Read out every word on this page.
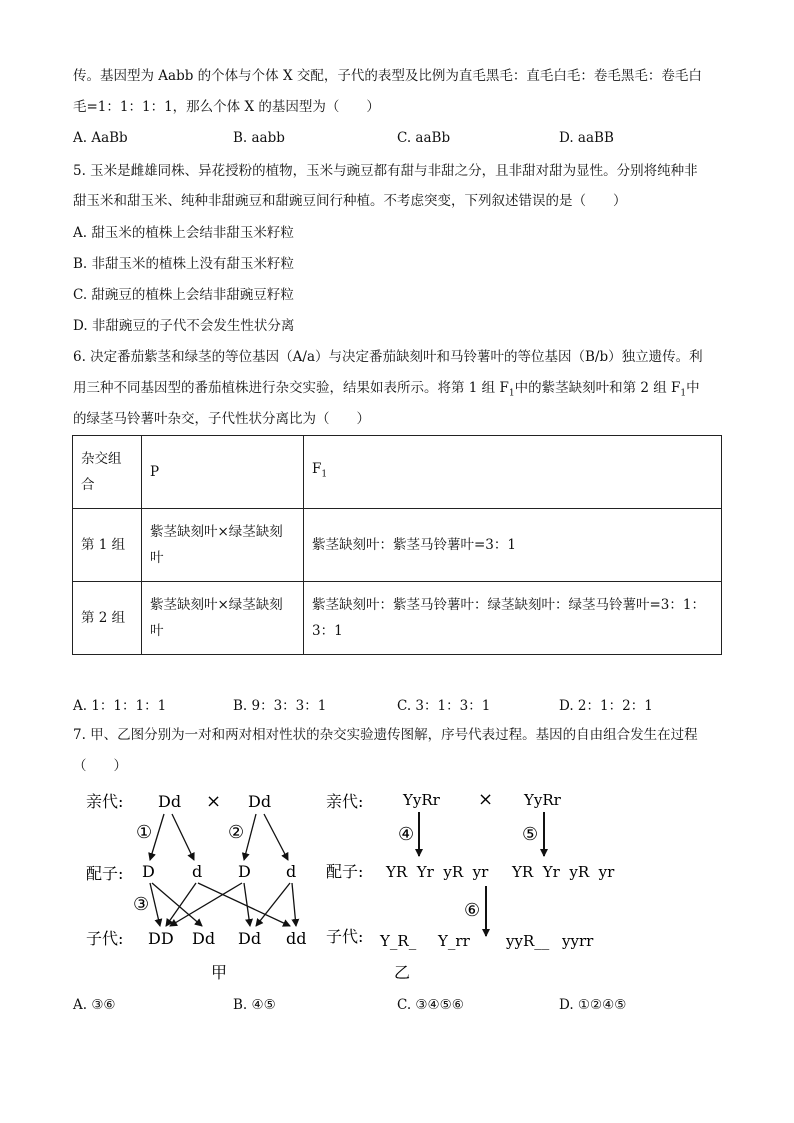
传。基因型为 Aabb 的个体与个体 X 交配，子代的表型及比例为直毛黑毛：直毛白毛：卷毛黑毛：卷毛白
毛=1：1：1：1，那么个体 X 的基因型为（　　）
A. AaBb	B. aabb	C. aaBb	D. aaBB
5. 玉米是雌雄同株、异花授粉的植物，玉米与豌豆都有甜与非甜之分，且非甜对甜为显性。分别将纯种非
甜玉米和甜玉米、纯种非甜豌豆和甜豌豆间行种植。不考虑突变，下列叙述错误的是（　　）
A. 甜玉米的植株上会结非甜玉米籽粒
B. 非甜玉米的植株上没有甜玉米籽粒
C. 甜豌豆的植株上会结非甜豌豆籽粒
D. 非甜豌豆的子代不会发生性状分离
6. 决定番茄紫茎和绿茎的等位基因（A/a）与决定番茄缺刻叶和马铃薯叶的等位基因（B/b）独立遗传。利
用三种不同基因型的番茄植株进行杂交实验，结果如表所示。将第 1 组 $F_1$中的紫茎缺刻叶和第 2 组 $F_1$中
的绿茎马铃薯叶杂交，子代性状分离比为（　　）
杂交组合	P	$F_1$
第 1 组	紫茎缺刻叶×绿茎缺刻叶	紫茎缺刻叶：紫茎马铃薯叶=3：1
第 2 组	紫茎缺刻叶×绿茎缺刻叶	紫茎缺刻叶：紫茎马铃薯叶：绿茎缺刻叶：绿茎马铃薯叶=3：1：3：1
A. 1：1：1：1	B. 9：3：3：1	C. 3：1：3：1	D. 2：1：2：1
7. 甲、乙图分别为一对和两对相对性状的杂交实验遗传图解，序号代表过程。基因的自由组合发生在过程
（　　）
亲代:
配子:
子代:
Dd × Dd
①	②
③
D d D d
DD Dd Dd dd
甲
亲代:
配子:
子代:
YyRr × YyRr
④	⑤
YR  Yr  yR  yr YR  Yr  yR  yr
⑥
Y_R_ Y_rr yyR__ yyrr
乙
A. ③⑥	B. ④⑤	C. ③④⑤⑥	D. ①②④⑤
